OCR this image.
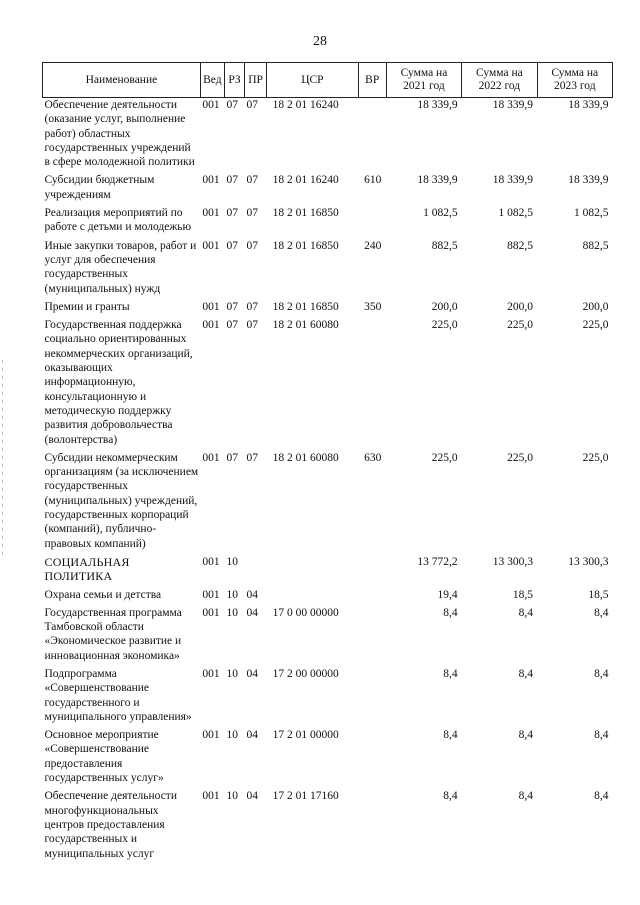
28
Наименование	Вед	РЗ	ПР	ЦСР	ВР	Сумма на 2021 год	Сумма на 2022 год	Сумма на 2023 год
Обеспечение деятельности (оказание услуг, выполнение работ) областных государственных учреждений в сфере молодежной политики	001	07	07	18 2 01 16240		18 339,9	18 339,9	18 339,9
Субсидии бюджетным учреждениям	001	07	07	18 2 01 16240	610	18 339,9	18 339,9	18 339,9
Реализация мероприятий по работе с детьми и молодежью	001	07	07	18 2 01 16850		1 082,5	1 082,5	1 082,5
Иные закупки товаров, работ и услуг для обеспечения государственных (муниципальных) нужд	001	07	07	18 2 01 16850	240	882,5	882,5	882,5
Премии и гранты	001	07	07	18 2 01 16850	350	200,0	200,0	200,0
Государственная поддержка социально ориентированных некоммерческих организаций, оказывающих информационную, консультационную и методическую поддержку развития добровольчества (волонтерства)	001	07	07	18 2 01 60080		225,0	225,0	225,0
Субсидии некоммерческим организациям (за исключением государственных (муниципальных) учреждений, государственных корпораций (компаний), публично-правовых компаний)	001	07	07	18 2 01 60080	630	225,0	225,0	225,0
СОЦИАЛЬНАЯ ПОЛИТИКА	001	10				13 772,2	13 300,3	13 300,3
Охрана семьи и детства	001	10	04			19,4	18,5	18,5
Государственная программа Тамбовской области «Экономическое развитие и инновационная экономика»	001	10	04	17 0 00 00000		8,4	8,4	8,4
Подпрограмма «Совершенствование государственного и муниципального управления»	001	10	04	17 2 00 00000		8,4	8,4	8,4
Основное мероприятие «Совершенствование предоставления государственных услуг»	001	10	04	17 2 01 00000		8,4	8,4	8,4
Обеспечение деятельности многофункциональных центров предоставления государственных и муниципальных услуг	001	10	04	17 2 01 17160		8,4	8,4	8,4
